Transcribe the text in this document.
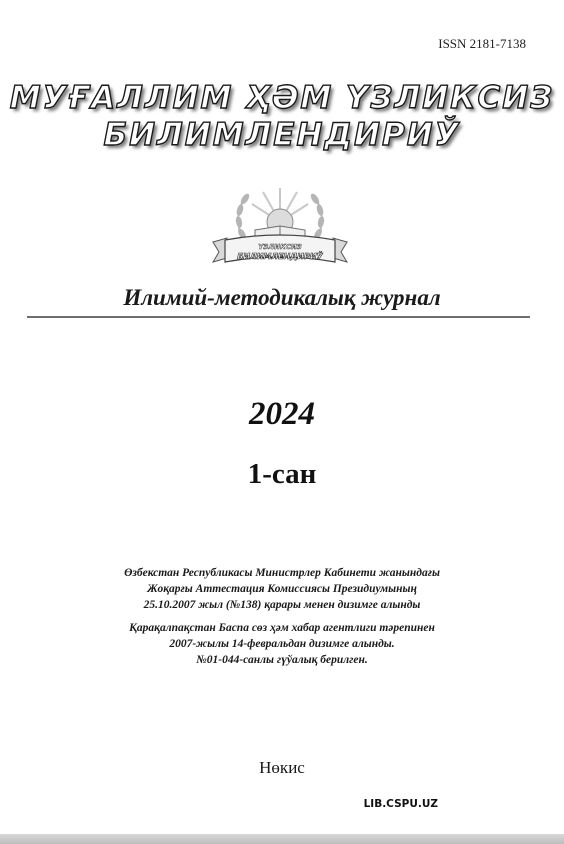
ISSN 2181-7138
МУҒАЛЛИМ ҲӘМ ҮЗЛИКСИЗ
БИЛИМЛЕНДИРИЎ
ҮЗЛИКСИЗ
БИЛИМЛЕНДИРИЎ
Илимий-методикалық журнал
2024
1-сан
Өзбекстан Республикасы Министрлер Кабинети жанындағы
Жоқарғы Аттестация Комиссиясы Президиумының
25.10.2007 жыл (№138) қарары менен дизимге алынды
Қарақалпақстан Баспа сөз ҳәм хабар агентлиги тәрепинен
2007-жылы 14-февральдан дизимге алынды.
№01-044-санлы гүўалық берилген.
Нөкис
LIB.CSPU.UZ
